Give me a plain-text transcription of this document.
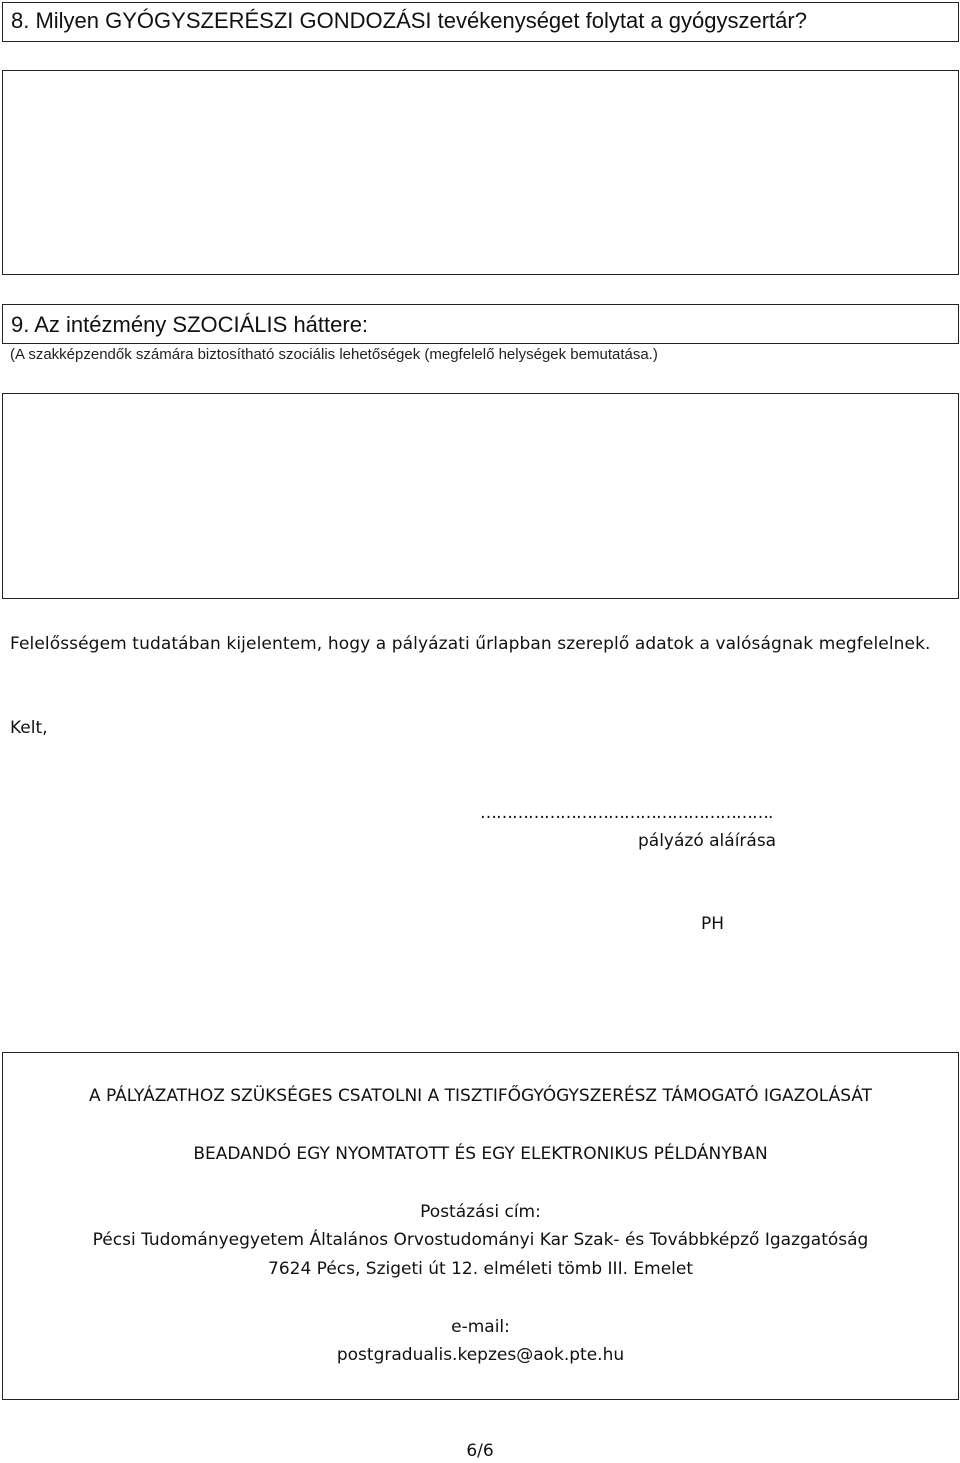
8. Milyen GYÓGYSZERÉSZI GONDOZÁSI tevékenységet folytat a gyógyszertár?
9. Az intézmény SZOCIÁLIS háttere:
(A szakképzendők számára biztosítható szociális lehetőségek (megfelelő helységek bemutatása.)
Felelősségem tudatában kijelentem, hogy a pályázati űrlapban szereplő adatok a valóságnak megfelelnek.
Kelt,
……………………………………………….
pályázó aláírása
PH
A PÁLYÁZATHOZ SZÜKSÉGES CSATOLNI A TISZTIFŐGYÓGYSZERÉSZ TÁMOGATÓ IGAZOLÁSÁT
BEADANDÓ EGY NYOMTATOTT ÉS EGY ELEKTRONIKUS PÉLDÁNYBAN
Postázási cím:
Pécsi Tudományegyetem Általános Orvostudományi Kar Szak- és Továbbképző Igazgatóság
7624 Pécs, Szigeti út 12. elméleti tömb III. Emelet
e-mail:
postgradualis.kepzes@aok.pte.hu
6/6
